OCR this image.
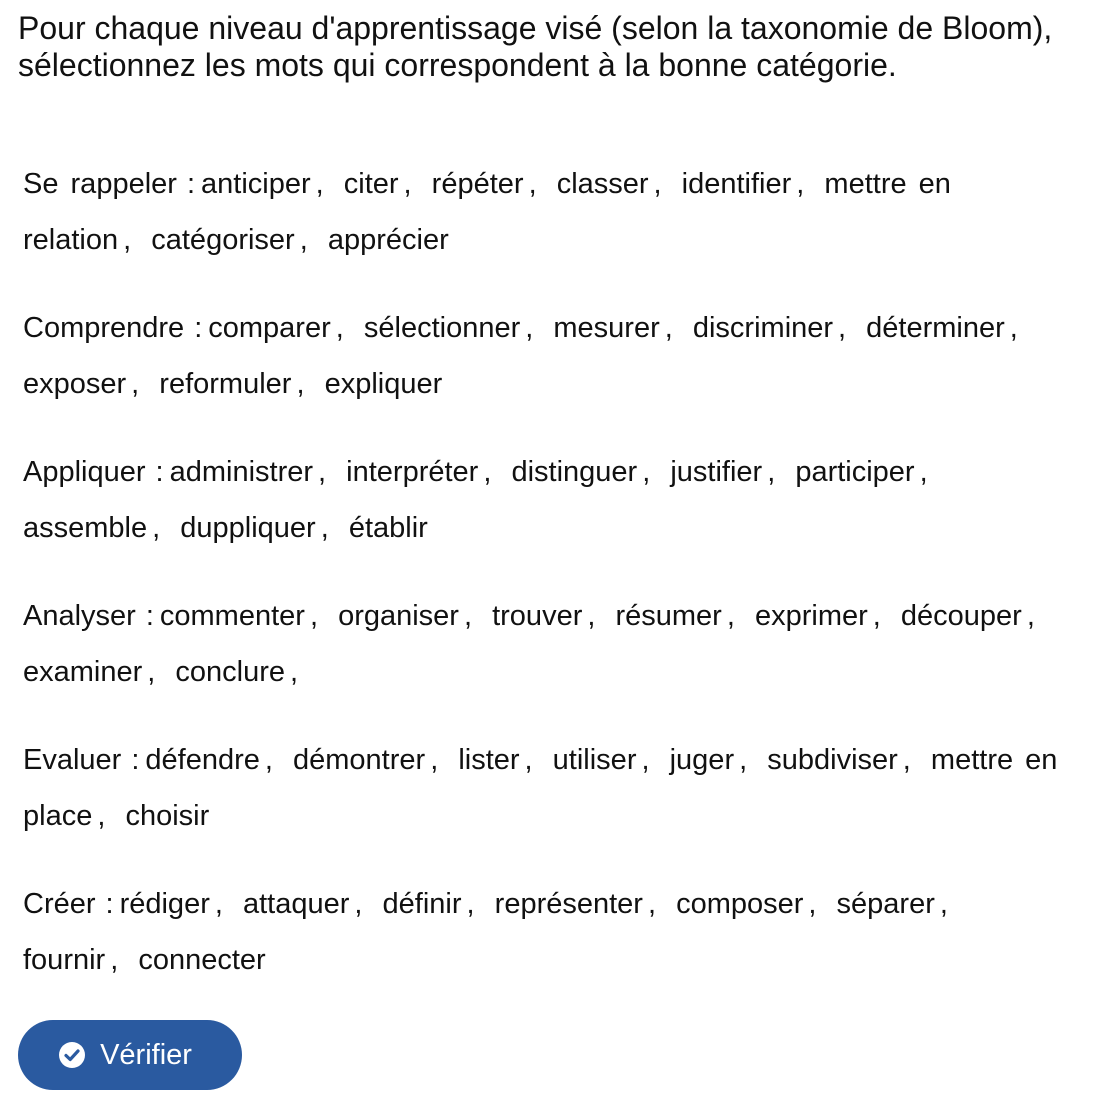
Pour chaque niveau d'apprentissage visé (selon la taxonomie de Bloom), sélectionnez les mots qui correspondent à la bonne catégorie.

Se rappeler : anticiper , citer , répéter , classer , identifier , mettre en relation , catégoriser , apprécier

Comprendre : comparer , sélectionner , mesurer , discriminer , déterminer , exposer , reformuler , expliquer

Appliquer : administrer , interpréter , distinguer , justifier , participer , assemble , duppliquer , établir

Analyser : commenter , organiser , trouver , résumer , exprimer , découper , examiner , conclure ,

Evaluer : défendre , démontrer , lister , utiliser , juger , subdiviser , mettre en place , choisir

Créer : rédiger , attaquer , définir , représenter , composer , séparer , fournir , connecter

Vérifier
